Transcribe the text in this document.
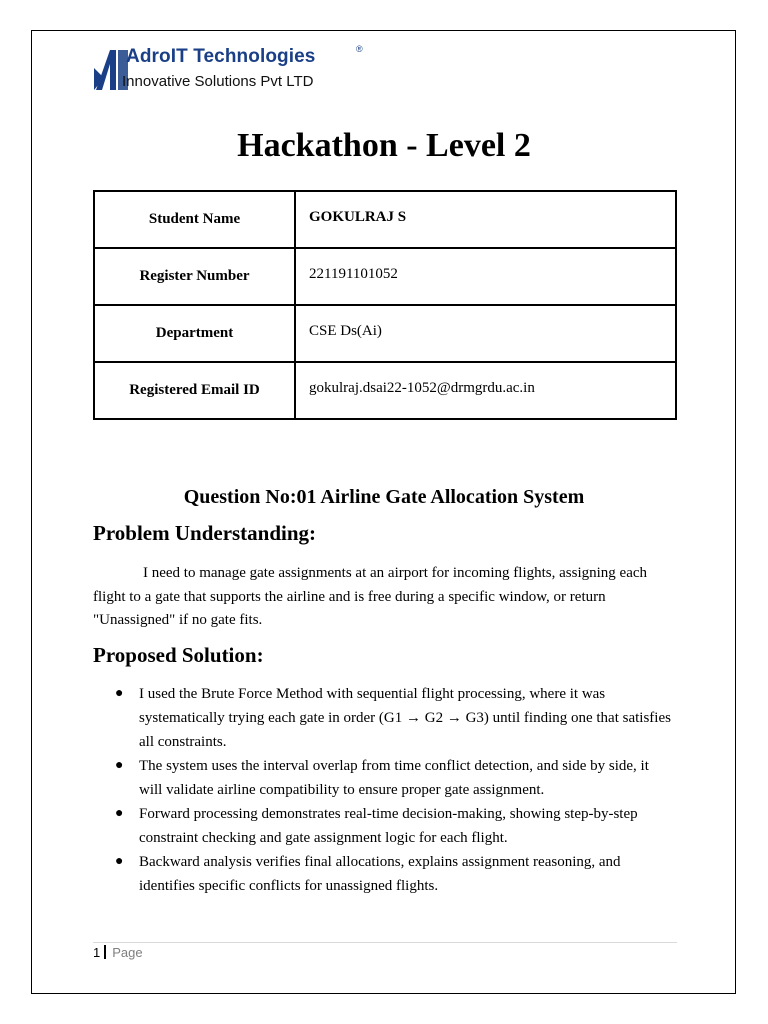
AdroIT Technologies	®
Innovative Solutions Pvt LTD
Hackathon - Level 2
Student Name	GOKULRAJ S
Register Number	221191101052
Department	CSE Ds(Ai)
Registered Email ID	gokulraj.dsai22-1052@drmgrdu.ac.in
Question No:01 Airline Gate Allocation System
Problem Understanding:

I need to manage gate assignments at an airport for incoming flights, assigning each flight to a gate that supports the airline and is free during a specific window, or return "Unassigned" if no gate fits.

Proposed Solution:
● I used the Brute Force Method with sequential flight processing, where it was systematically trying each gate in order (G1 → G2 → G3) until finding one that satisfies all constraints.
● The system uses the interval overlap from time conflict detection, and side by side, it will validate airline compatibility to ensure proper gate assignment.
● Forward processing demonstrates real-time decision-making, showing step-by-step constraint checking and gate assignment logic for each flight.
● Backward analysis verifies final allocations, explains assignment reasoning, and identifies specific conflicts for unassigned flights.
1 Page
